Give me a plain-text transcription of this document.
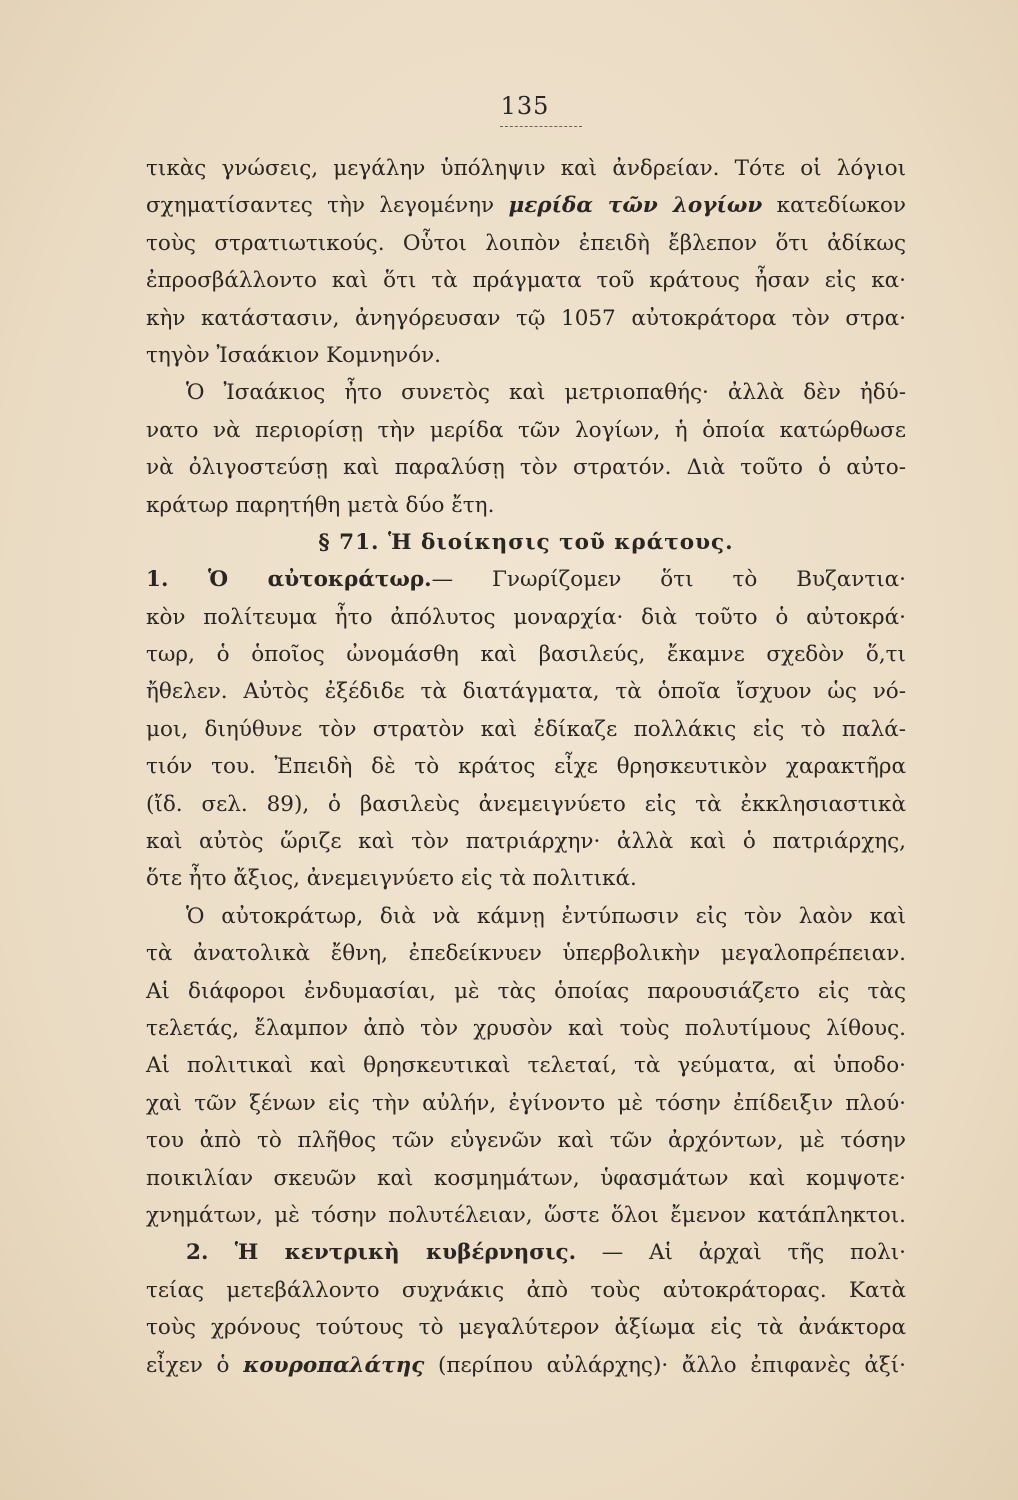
135
τικὰς γνώσεις, μεγάλην ὑπόληψιν καὶ ἀνδρείαν. Τότε οἱ λόγιοι
σχηματίσαντες τὴν λεγομένην μερίδα τῶν λογίων κατεδίωκον
τοὺς στρατιωτικούς. Οὗτοι λοιπὸν ἐπειδὴ ἔβλεπον ὅτι ἀδίκως
ἐπροσβάλλοντο καὶ ὅτι τὰ πράγματα τοῦ κράτους ἦσαν εἰς κα·
κὴν κατάστασιν, ἀνηγόρευσαν τῷ 1057 αὐτοκράτορα τὸν στρα·
τηγὸν Ἰσαάκιον Κομνηνόν.
Ὁ Ἰσαάκιος ἦτο συνετὸς καὶ μετριοπαθής· ἀλλὰ δὲν ἠδύ-
νατο νὰ περιορίσῃ τὴν μερίδα τῶν λογίων, ἡ ὁποία κατώρθωσε
νὰ ὀλιγοστεύσῃ καὶ παραλύσῃ τὸν στρατόν. Διὰ τοῦτο ὁ αὐτο-
κράτωρ παρητήθη μετὰ δύο ἔτη.
§ 71. Ἡ διοίκησις τοῦ κράτους.
1. Ὁ αὐτοκράτωρ.— Γνωρίζομεν ὅτι τὸ Βυζαντια·
κὸν πολίτευμα ἦτο ἀπόλυτος μοναρχία· διὰ τοῦτο ὁ αὐτοκρά·
τωρ, ὁ ὁποῖος ὠνομάσθη καὶ βασιλεύς, ἔκαμνε σχεδὸν ὅ,τι
ἤθελεν. Αὐτὸς ἐξέδιδε τὰ διατάγματα, τὰ ὁποῖα ἴσχυον ὡς νό-
μοι, διηύθυνε τὸν στρατὸν καὶ ἐδίκαζε πολλάκις εἰς τὸ παλά-
τιόν του. Ἐπειδὴ δὲ τὸ κράτος εἶχε θρησκευτικὸν χαρακτῆρα
(ἴδ. σελ. 89), ὁ βασιλεὺς ἀνεμειγνύετο εἰς τὰ ἐκκλησιαστικὰ
καὶ αὐτὸς ὥριζε καὶ τὸν πατριάρχην· ἀλλὰ καὶ ὁ πατριάρχης,
ὅτε ἦτο ἄξιος, ἀνεμειγνύετο εἰς τὰ πολιτικά.
Ὁ αὐτοκράτωρ, διὰ νὰ κάμνῃ ἐντύπωσιν εἰς τὸν λαὸν καὶ
τὰ ἀνατολικὰ ἔθνη, ἐπεδείκνυεν ὑπερβολικὴν μεγαλοπρέπειαν.
Αἱ διάφοροι ἐνδυμασίαι, μὲ τὰς ὁποίας παρουσιάζετο εἰς τὰς
τελετάς, ἔλαμπον ἀπὸ τὸν χρυσὸν καὶ τοὺς πολυτίμους λίθους.
Αἱ πολιτικαὶ καὶ θρησκευτικαὶ τελεταί, τὰ γεύματα, αἱ ὑποδο·
χαὶ τῶν ξένων εἰς τὴν αὐλήν, ἐγίνοντο μὲ τόσην ἐπίδειξιν πλού·
του ἀπὸ τὸ πλῆθος τῶν εὐγενῶν καὶ τῶν ἀρχόντων, μὲ τόσην
ποικιλίαν σκευῶν καὶ κοσμημάτων, ὑφασμάτων καὶ κομψοτε·
χνημάτων, μὲ τόσην πολυτέλειαν, ὥστε ὅλοι ἔμενον κατάπληκτοι.
2. Ἡ κεντρικὴ κυβέρνησις. — Αἱ ἀρχαὶ τῆς πολι·
τείας μετεβάλλοντο συχνάκις ἀπὸ τοὺς αὐτοκράτορας. Κατὰ
τοὺς χρόνους τούτους τὸ μεγαλύτερον ἀξίωμα εἰς τὰ ἀνάκτορα
εἶχεν ὁ κουροπαλάτης (περίπου αὐλάρχης)· ἄλλο ἐπιφανὲς ἀξί·
